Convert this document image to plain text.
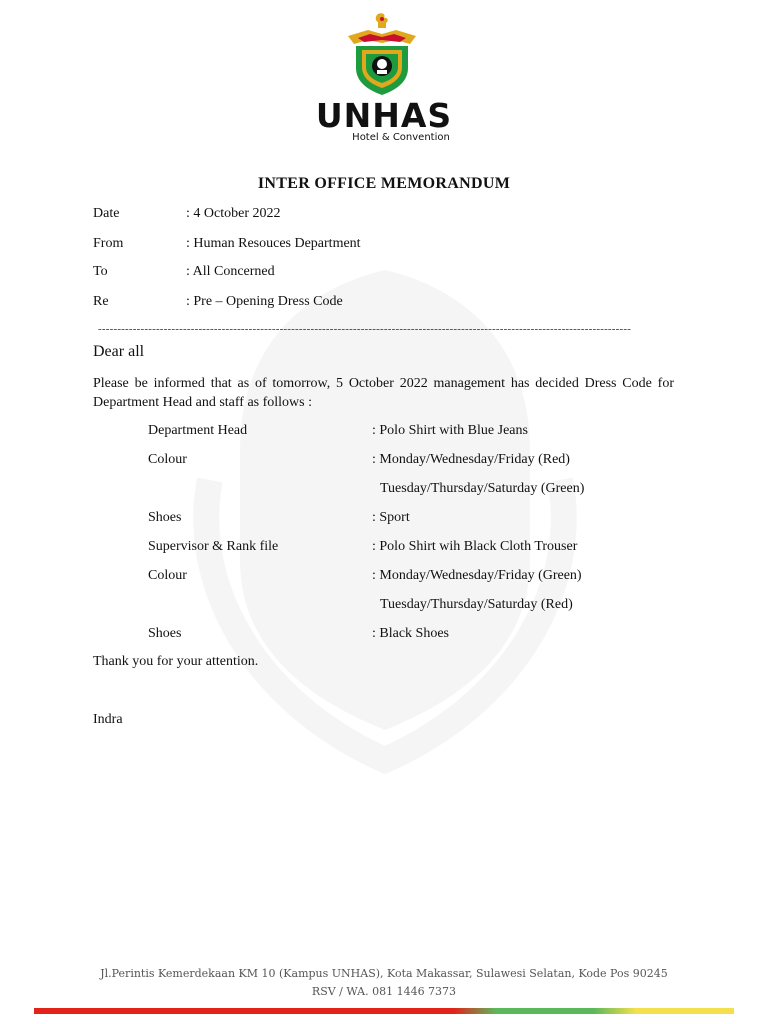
UNHAS
Hotel & Convention
INTER OFFICE MEMORANDUM
Date	: 4 October 2022
From	: Human Resouces Department
To	: All Concerned
Re	: Pre – Opening Dress Code
------------------------------------------------------------------------------------------------------------------------------------------
Dear all
Please be informed that as of tomorrow, 5 October 2022 management has decided Dress Code for Department Head and staff as follows :
Department Head	: Polo Shirt with Blue Jeans
Colour	: Monday/Wednesday/Friday (Red)
Tuesday/Thursday/Saturday (Green)
Shoes	: Sport
Supervisor & Rank file	: Polo Shirt wih Black Cloth Trouser
Colour	: Monday/Wednesday/Friday (Green)
Tuesday/Thursday/Saturday (Red)
Shoes	: Black Shoes
Thank you for your attention.
Indra
Jl.Perintis Kemerdekaan KM 10 (Kampus UNHAS), Kota Makassar, Sulawesi Selatan, Kode Pos 90245
RSV / WA. 081 1446 7373
